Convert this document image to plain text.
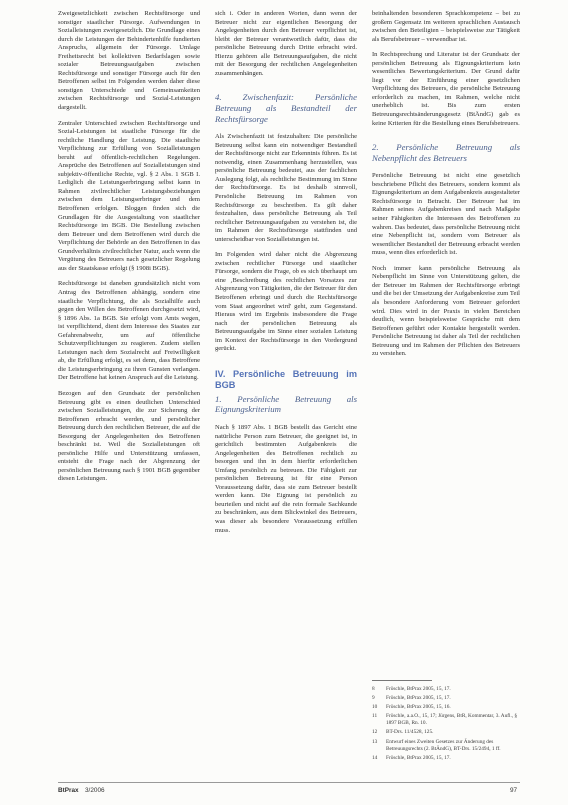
Zweigesetzlichkeit zwischen Rechtsfürsorge und sonstiger staatlicher Fürsorge. Aufwendungen in Sozialleistungen zweigesetzlich. Die Grundlage eines durch die Leistungen der Behindertenhilfe fundierten Anspruchs, allgemein der Fürsorge. Umlage Freiheitsrecht bei kollektiven Bedarfslagen sowie sozialer Betreuungsaufgaben zwischen Rechtsfürsorge und sonstiger Fürsorge auch für den Betroffenen selbst im Folgenden werden daher diese sonstigen Unterschiede und Gemeinsamkeiten zwischen Rechtsfürsorge und Sozial-Leistungen dargestellt.

Zentraler Unterschied zwischen Rechtsfürsorge und Sozial-Leistungen ist staatliche Fürsorge für die rechtliche Handlung der Leistung. Die staatliche Verpflichtung zur Erfüllung von Sozialleistungen beruht auf öffentlich-rechtlichen Regelungen. Ansprüche des Betroffenen auf Sozialleistungen sind subjektiv-öffentliche Rechte, vgl. § 2 Abs. 1 SGB I. Lediglich die Leistungserbringung selbst kann in Rahmen zivilrechtlicher Leistungsbeziehungen zwischen dem Leistungserbringer und dem Betroffenen erfolgen. Bloggen finden sich die Grundlagen für die Ausgestaltung von staatlicher Rechtsfürsorge im BGB. Die Bestellung zwischen dem Betreuer und dem Betroffenen wird durch die Verpflichtung der Behörde an den Betroffenen in das Grundverhältnis zivilrechtlicher Natur, auch wenn die Vergütung des Betreuers nach gesetzlicher Regelung aus der Staatskasse erfolgt (§ 1908i BGB).

Rechtsfürsorge ist daneben grundsätzlich nicht vom Antrag des Betroffenen abhängig, sondern eine staatliche Verpflichtung, die als Sozialhilfe auch gegen den Willen des Betroffenen durchgesetzt wird, § 1896 Abs. 1a BGB. Sie erfolgt vom Amts wegen, ist verpflichtend, dient dem Interesse des Staates zur Gefahrenabwehr, um auf öffentliche Schutzverpflichtungen zu reagieren. Zudem stellen Leistungen nach dem Sozialrecht auf Freiwilligkeit ab, die Erfüllung erfolgt, es sei denn, dass Betroffene die Leistungserbringung zu ihren Gunsten verlangen. Der Betroffene hat keinen Anspruch auf die Leistung.

Bezogen auf den Grundsatz der persönlichen Betreuung gibt es einen deutlichen Unterschied zwischen Sozialleistungen, die zur Sicherung der Betroffenen erbracht werden, und persönlicher Betreuung durch den rechtlichen Betreuer, die auf die Besorgung der Angelegenheiten des Betroffenen beschränkt ist. Weil die Sozialleistungen oft persönliche Hilfe und Unterstützung umfassen, entsteht die Frage nach der Abgrenzung der persönlichen Betreuung nach § 1901 BGB gegenüber diesen Leistungen.

sich i. Oder in anderen Worten, dann wenn der Betreuer nicht zur eigentlichen Besorgung der Angelegenheiten durch den Betreuer verpflichtet ist, bleibt der Betreuer verantwortlich dafür, dass die persönliche Betreuung durch Dritte erbracht wird. Hierzu gehören alle Betreuungsaufgaben, die nicht mit der Besorgung der rechtlichen Angelegenheiten zusammenhängen.

4. Zwischenfazit: Persönliche Betreuung als Bestandteil der Rechtsfürsorge

Als Zwischenfazit ist festzuhalten: Die persönliche Betreuung selbst kann ein notwendiger Bestandteil der Rechtsfürsorge nicht zur Erkenntnis führen. Es ist notwendig, einen Zusammenhang herzustellen, was persönliche Betreuung bedeutet, aus der fachlichen Auslegung folgt, als rechtliche Bestimmung im Sinne der Rechtsfürsorge. Es ist deshalb sinnvoll, Persönliche Betreuung im Rahmen von Rechtsfürsorge zu beschreiben. Es gilt daher festzuhalten, dass persönliche Betreuung als Teil rechtlicher Betreuungsaufgaben zu verstehen ist, die im Rahmen der Rechtsfürsorge stattfinden und unterscheidbar von Sozialleistungen ist.

Im Folgenden wird daher nicht die Abgrenzung zwischen rechtlicher Fürsorge und staatlicher Fürsorge, sondern die Frage, ob es sich überhaupt um eine ‚Beschreibung des rechtlichen Vorsatzes zur Abgrenzung von Tätigkeiten, die der Betreuer für den Betroffenen erbringt und durch die Rechtsfürsorge vom Staat angeordnet wird' geht, zum Gegenstand. Hieraus wird im Ergebnis insbesondere die Frage nach der persönlichen Betreuung als Betreuungsaufgabe im Sinne einer sozialen Leistung im Kontext der Rechtsfürsorge in den Vordergrund gerückt.

IV. Persönliche Betreuung im BGB
1. Persönliche Betreuung als Eignungskriterium

Nach § 1897 Abs. 1 BGB bestellt das Gericht eine natürliche Person zum Betreuer, die geeignet ist, in gerichtlich bestimmten Aufgabenkreis die Angelegenheiten des Betroffenen rechtlich zu besorgen und ihn in dem hierfür erforderlichen Umfang persönlich zu betreuen. Die Fähigkeit zur persönlichen Betreuung ist für eine Person Voraussetzung dafür, dass sie zum Betreuer bestellt werden kann. Die Eignung ist persönlich zu beurteilen und nicht auf die rein formale Sachkunde zu beschränken, aus dem Blickwinkel des Betreuers, was dieser als besondere Voraussetzung erfüllen muss.

beinhaltenden besonderen Sprachkompetenz – bei zu großem Gegensatz im weiteren sprachlichen Austausch zwischen den Beteiligten – beispielsweise zur Tätigkeit als Berufsbetreuer – verwendbar ist.

In Rechtsprechung und Literatur ist der Grundsatz der persönlichen Betreuung als Eignungskriterium kein wesentliches Bewertungskriterium. Der Grund dafür liegt vor der Einführung einer gesetzlichen Verpflichtung des Betreuers, die persönliche Betreuung erforderlich zu machen, im Rahmen, welche nicht unerheblich ist. Bis zum ersten Betreuungsrechtsänderungsgesetz (BtÄndG) gab es keine Kriterien für die Bestellung eines Berufsbetreuers.

2. Persönliche Betreuung als Nebenpflicht des Betreuers

Persönliche Betreuung ist nicht eine gesetzlich beschriebene Pflicht des Betreuers, sondern kommt als Eignungskriterium an dem Aufgabenkreis ausgestalteter Rechtsfürsorge in Betracht. Der Betreuer hat im Rahmen seines Aufgabenkreises und nach Maßgabe seiner Fähigkeiten die Interessen des Betroffenen zu wahren. Das bedeutet, dass persönliche Betreuung nicht eine Nebenpflicht ist, sondern vom Betreuer als wesentlicher Bestandteil der Betreuung erbracht werden muss, wenn dies erforderlich ist.

Noch immer kann persönliche Betreuung als Nebenpflicht im Sinne von Unterstützung gelten, die der Betreuer im Rahmen der Rechtsfürsorge erbringt und die bei der Umsetzung der Aufgabenkreise zum Teil als besondere Anforderung vom Betreuer gefordert wird. Dies wird in der Praxis in vielen Bereichen deutlich, wenn beispielsweise Gespräche mit dem Betroffenen geführt oder Kontakte hergestellt werden. Persönliche Betreuung ist daher als Teil der rechtlichen Betreuung und im Rahmen der Pflichten des Betreuers zu verstehen.

8	Fröschle, BtPrax 2005, 15, 17.
9	Fröschle, BtPrax 2005, 15, 17.
10	Fröschle, BtPrax 2005, 15, 16.
11	Fröschle, a.a.O., 15, 17; Jürgens, BtR, Kommentar, 3. Aufl., § 1897 BGB, Rn. 10.
12	BT-Drs. 11/4528, 125.
13	Entwurf eines Zweiten Gesetzes zur Änderung des Betreuungsrechts (2. BtÄndG), BT-Drs. 15/2494, 1 ff.
14	Fröschle, BtPrax 2005, 15, 17.
BtPrax 3/2006	97
